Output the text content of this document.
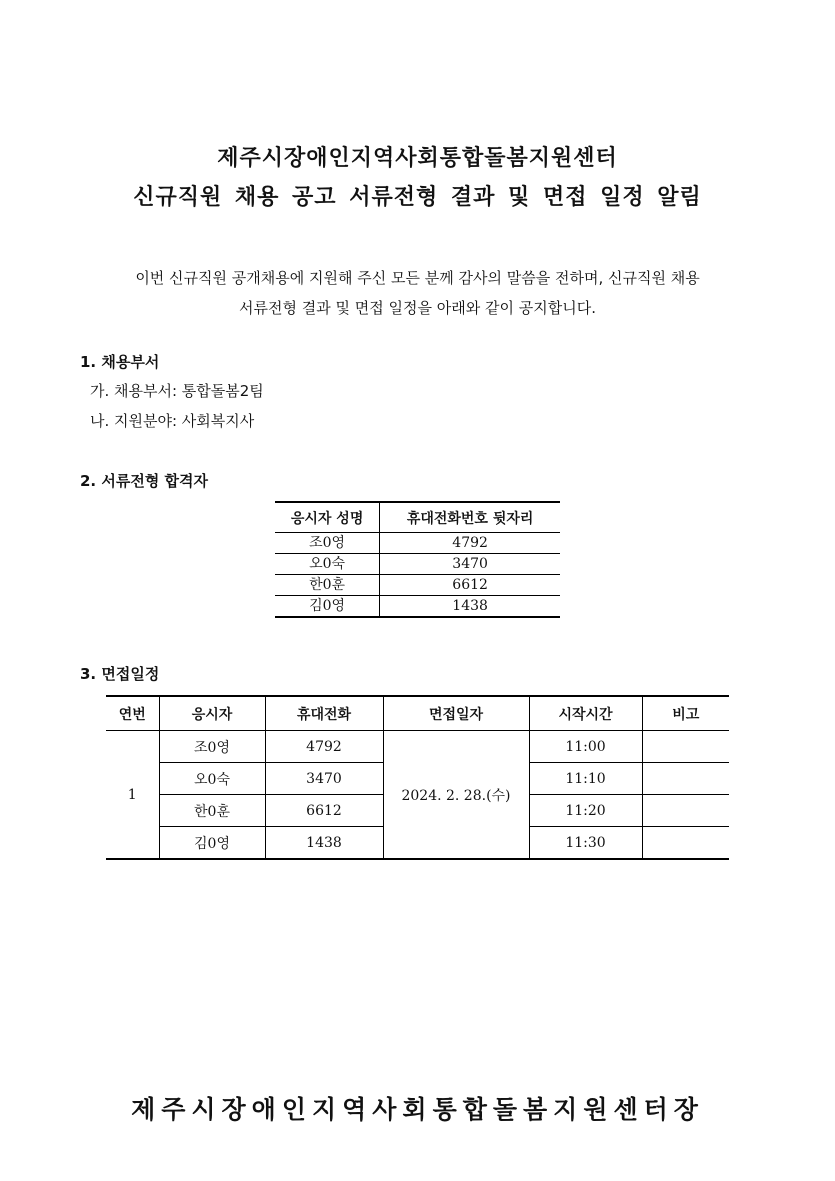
제주시장애인지역사회통합돌봄지원센터
신규직원 채용 공고 서류전형 결과 및 면접 일정 알림
이번 신규직원 공개채용에 지원해 주신 모든 분께 감사의 말씀을 전하며, 신규직원 채용
서류전형 결과 및 면접 일정을 아래와 같이 공지합니다.
1. 채용부서
가. 채용부서: 통합돌봄2팀
나. 지원분야: 사회복지사
2. 서류전형 합격자
응시자 성명	휴대전화번호 뒷자리
조0영	4792
오0숙	3470
한0훈	6612
김0영	1438
3. 면접일정
연번	응시자	휴대전화	면접일자	시작시간	비고
1	조0영	4792	2024. 2. 28.(수)	11:00	
	오0숙	3470		11:10	
	한0훈	6612		11:20	
	김0영	1438		11:30	
제주시장애인지역사회통합돌봄지원센터장
